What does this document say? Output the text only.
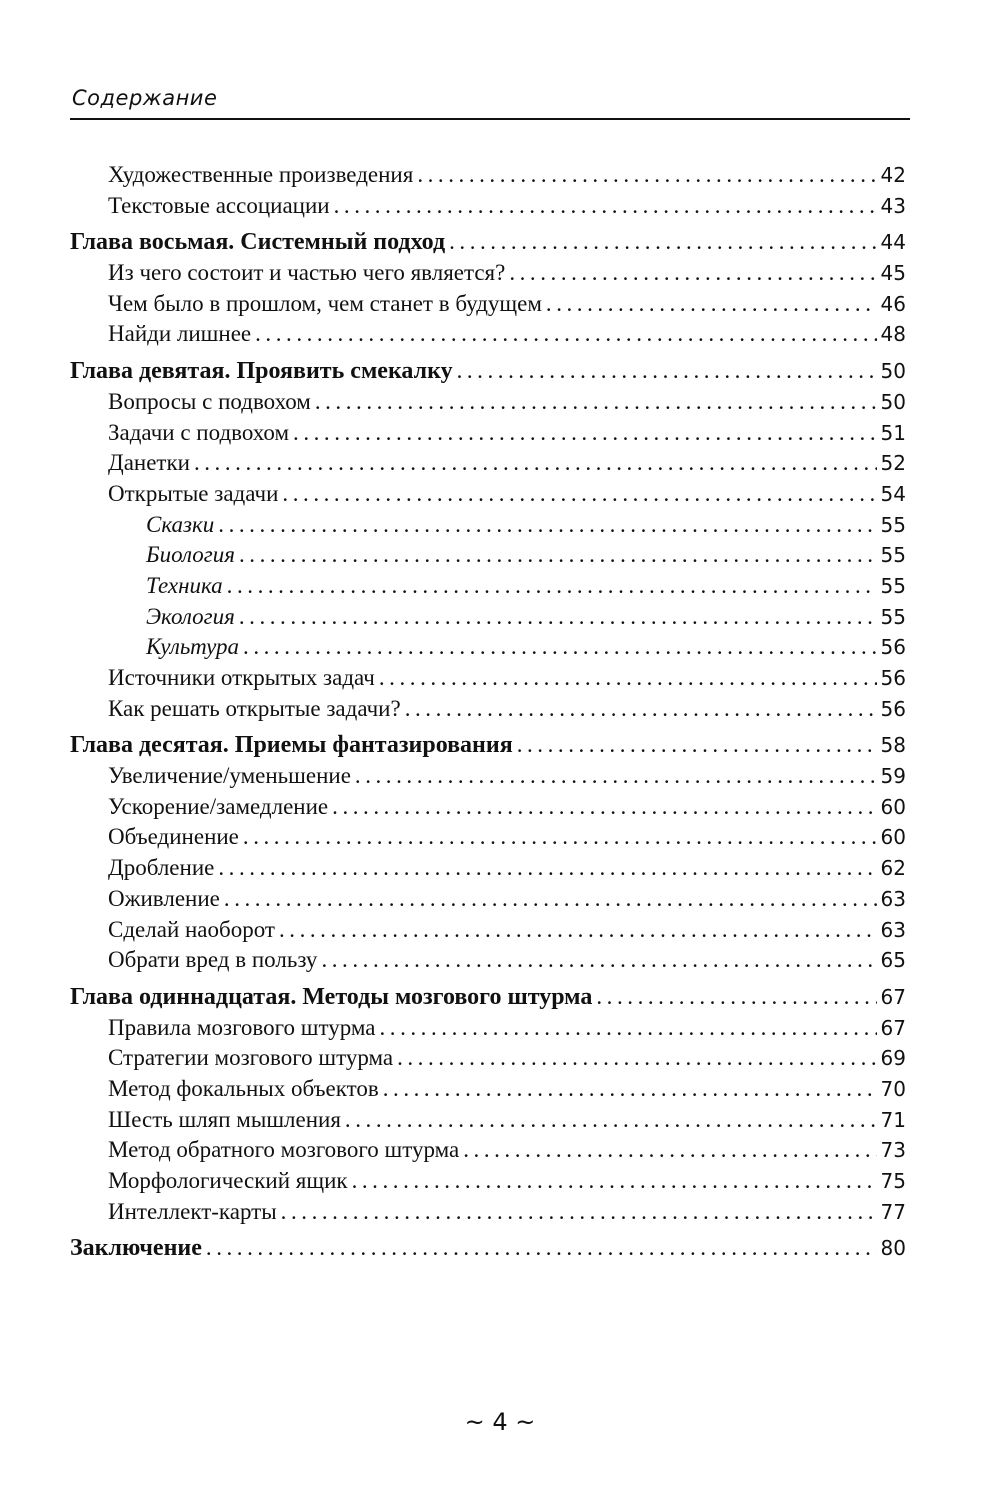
Содержание
Художественные произведения . . .	42
Текстовые ассоциации . . .	43
Глава восьмая. Системный подход . . .	44
Из чего состоит и частью чего является? . . .	45
Чем было в прошлом, чем станет в будущем . . .	46
Найди лишнее . . .	48
Глава девятая. Проявить смекалку . . .	50
Вопросы с подвохом . . .	50
Задачи с подвохом . . .	51
Данетки . . .	52
Открытые задачи . . .	54
Сказки . . .	55
Биология . . .	55
Техника . . .	55
Экология . . .	55
Культура . . .	56
Источники открытых задач . . .	56
Как решать открытые задачи? . . .	56
Глава десятая. Приемы фантазирования . . .	58
Увеличение/уменьшение . . .	59
Ускорение/замедление . . .	60
Объединение . . .	60
Дробление . . .	62
Оживление . . .	63
Сделай наоборот . . .	63
Обрати вред в пользу . . .	65
Глава одиннадцатая. Методы мозгового штурма . . .	67
Правила мозгового штурма . . .	67
Стратегии мозгового штурма . . .	69
Метод фокальных объектов . . .	70
Шесть шляп мышления . . .	71
Метод обратного мозгового штурма . . .	73
Морфологический ящик . . .	75
Интеллект-карты . . .	77
Заключение . . .	80
~ 4 ~
